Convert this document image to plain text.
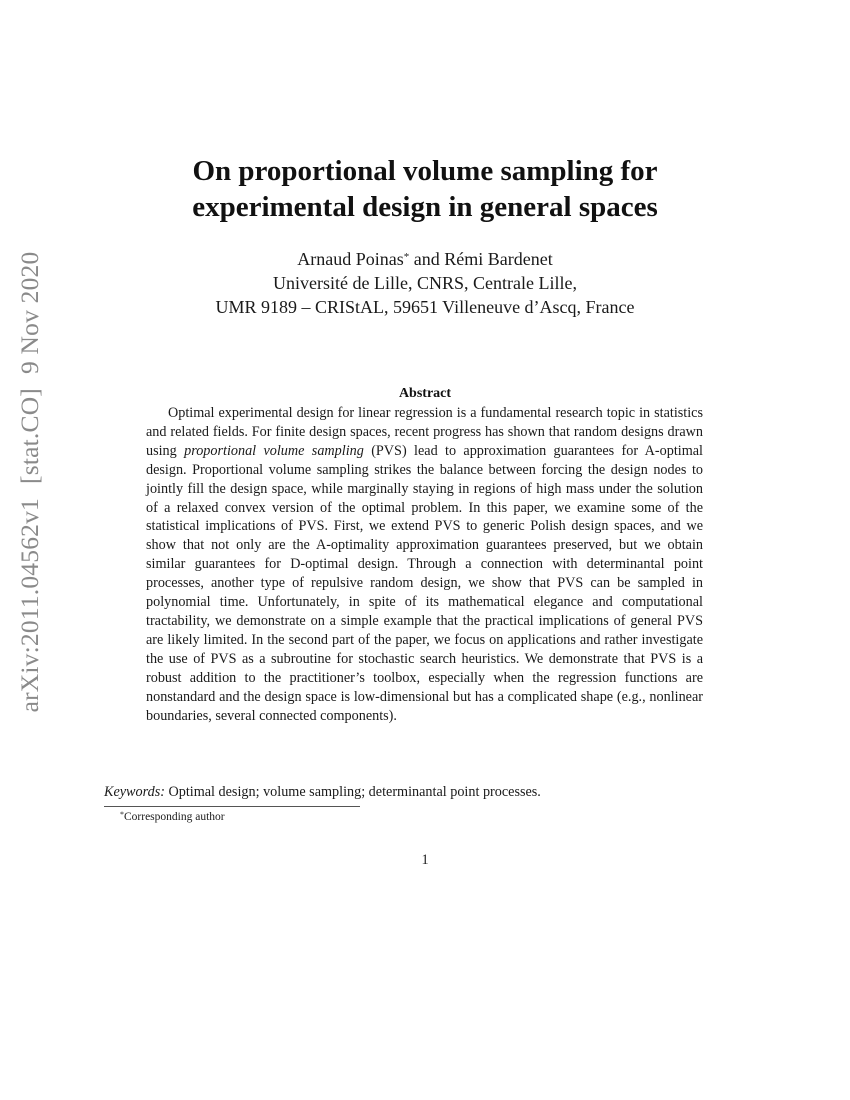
arXiv:2011.04562v1[stat.CO]9 Nov 2020
On proportional volume sampling for
experimental design in general spaces
Arnaud Poinas* and Rémi Bardenet
Université de Lille, CNRS, Centrale Lille,
UMR 9189 – CRIStAL, 59651 Villeneuve d’Ascq, France
Abstract
Optimal experimental design for linear regression is a fundamental research topic in statistics and related fields. For finite design spaces, recent progress has shown that random designs drawn using proportional volume sampling (PVS) lead to approximation guarantees for A-optimal design. Proportional volume sampling strikes the balance between forcing the design nodes to jointly fill the design space, while marginally staying in regions of high mass under the solution of a relaxed convex version of the optimal problem. In this paper, we examine some of the statistical implications of PVS. First, we extend PVS to generic Polish design spaces, and we show that not only are the A-optimality approximation guarantees preserved, but we obtain similar guarantees for D-optimal design. Through a connection with determinantal point processes, another type of repulsive random design, we show that PVS can be sampled in polynomial time. Unfortunately, in spite of its mathematical elegance and computational tractability, we demonstrate on a simple example that the practical implications of general PVS are likely limited. In the second part of the paper, we focus on applications and rather investigate the use of PVS as a subroutine for stochastic search heuristics. We demonstrate that PVS is a robust addition to the practitioner’s toolbox, especially when the regression functions are nonstandard and the design space is low-dimensional but has a complicated shape (e.g., nonlinear boundaries, several connected components).
Keywords: Optimal design; volume sampling; determinantal point processes.
*Corresponding author
1
